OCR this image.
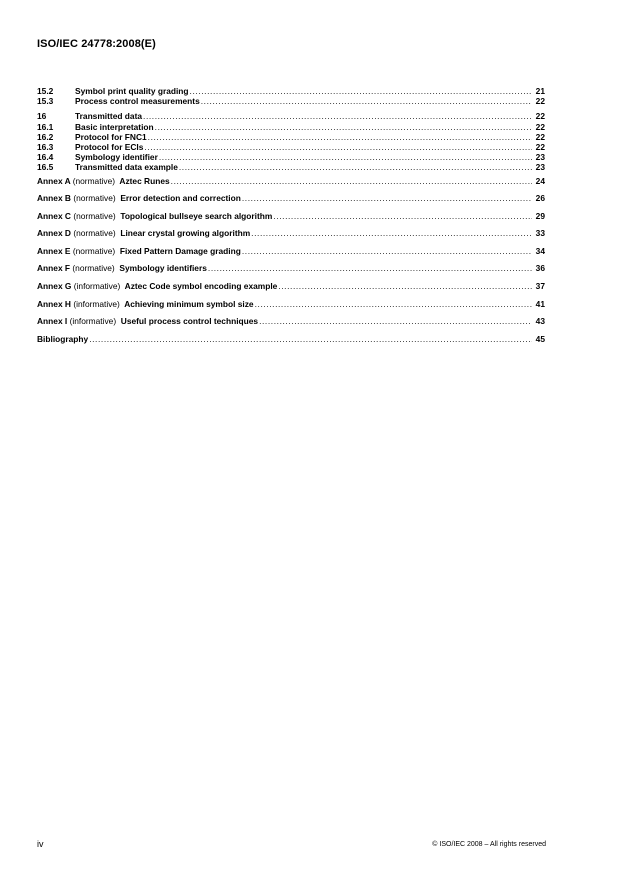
ISO/IEC 24778:2008(E)
15.2	Symbol print quality grading .....	21
15.3	Process control measurements .....	22
16	Transmitted data .....	22
16.1	Basic interpretation .....	22
16.2	Protocol for FNC1 .....	22
16.3	Protocol for ECIs .....	22
16.4	Symbology identifier .....	23
16.5	Transmitted data example .....	23
Annex A (normative) Aztec Runes .....	24
Annex B (normative) Error detection and correction .....	26
Annex C (normative) Topological bullseye search algorithm .....	29
Annex D (normative) Linear crystal growing algorithm .....	33
Annex E (normative) Fixed Pattern Damage grading .....	34
Annex F (normative) Symbology identifiers .....	36
Annex G (informative) Aztec Code symbol encoding example .....	37
Annex H (informative) Achieving minimum symbol size .....	41
Annex I (informative) Useful process control techniques .....	43
Bibliography .....	45
iv	© ISO/IEC 2008 – All rights reserved
